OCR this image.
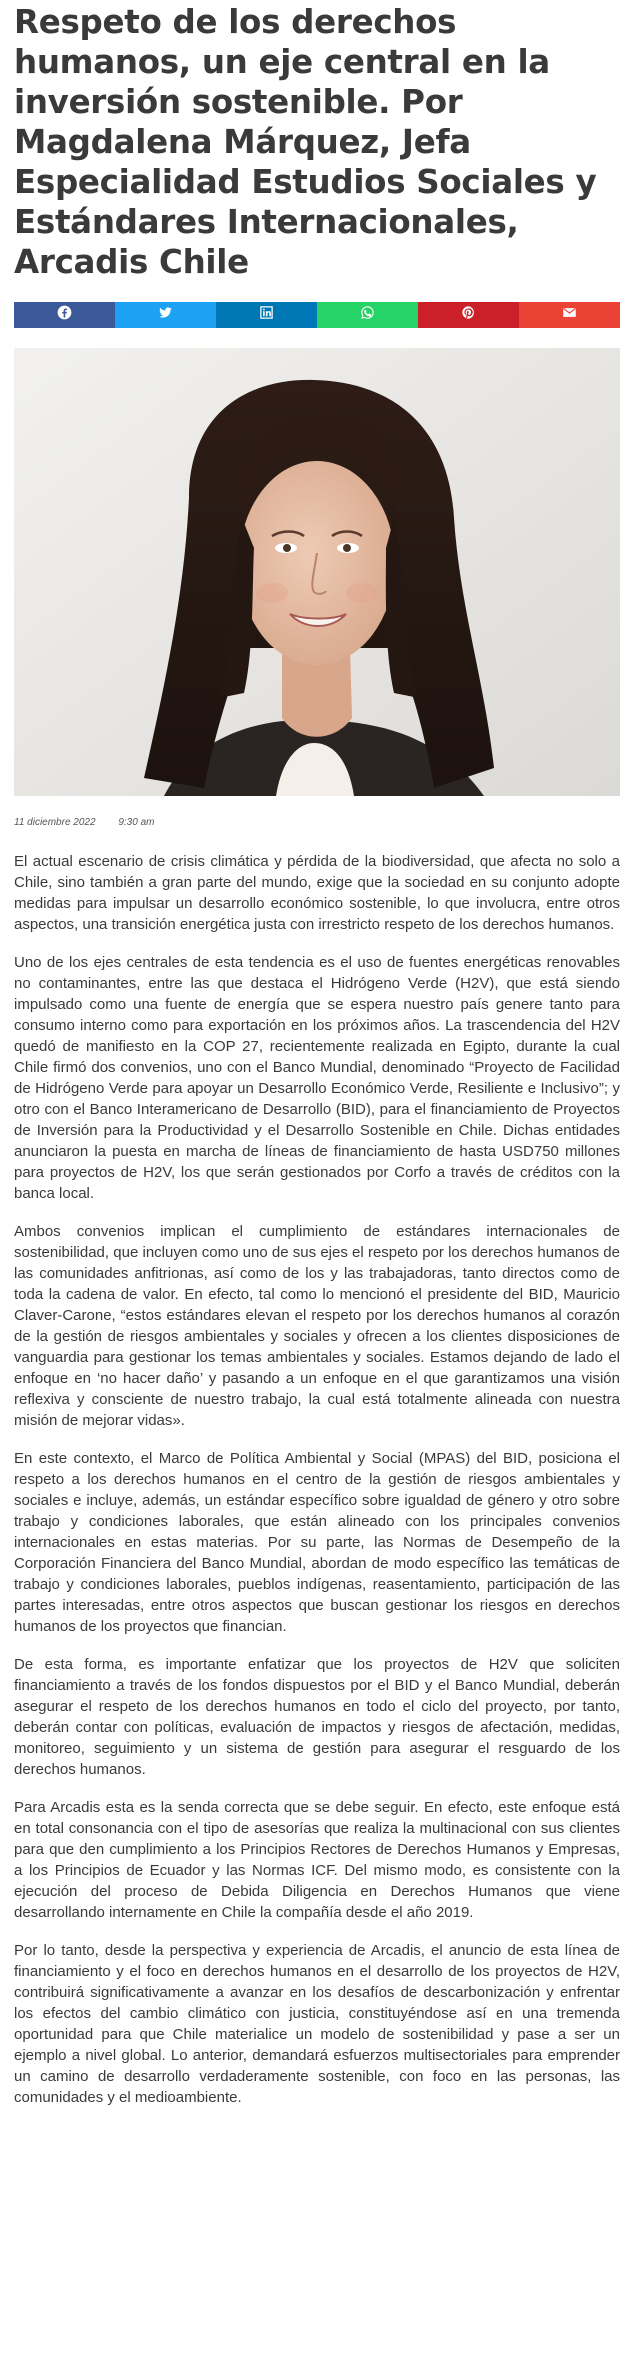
Respeto de los derechos humanos, un eje central en la inversión sostenible. Por Magdalena Márquez, Jefa Especialidad Estudios Sociales y Estándares Internacionales, Arcadis Chile
11 diciembre 2022 9:30 am

El actual escenario de crisis climática y pérdida de la biodiversidad, que afecta no solo a Chile, sino también a gran parte del mundo, exige que la sociedad en su conjunto adopte medidas para impulsar un desarrollo económico sostenible, lo que involucra, entre otros aspectos, una transición energética justa con irrestricto respeto de los derechos humanos.

Uno de los ejes centrales de esta tendencia es el uso de fuentes energéticas renovables no contaminantes, entre las que destaca el Hidrógeno Verde (H2V), que está siendo impulsado como una fuente de energía que se espera nuestro país genere tanto para consumo interno como para exportación en los próximos años. La trascendencia del H2V quedó de manifiesto en la COP 27, recientemente realizada en Egipto, durante la cual Chile firmó dos convenios, uno con el Banco Mundial, denominado “Proyecto de Facilidad de Hidrógeno Verde para apoyar un Desarrollo Económico Verde, Resiliente e Inclusivo”; y otro con el Banco Interamericano de Desarrollo (BID), para el financiamiento de Proyectos de Inversión para la Productividad y el Desarrollo Sostenible en Chile. Dichas entidades anunciaron la puesta en marcha de líneas de financiamiento de hasta USD750 millones para proyectos de H2V, los que serán gestionados por Corfo a través de créditos con la banca local.

Ambos convenios implican el cumplimiento de estándares internacionales de sostenibilidad, que incluyen como uno de sus ejes el respeto por los derechos humanos de las comunidades anfitrionas, así como de los y las trabajadoras, tanto directos como de toda la cadena de valor. En efecto, tal como lo mencionó el presidente del BID, Mauricio Claver-Carone, “estos estándares elevan el respeto por los derechos humanos al corazón de la gestión de riesgos ambientales y sociales y ofrecen a los clientes disposiciones de vanguardia para gestionar los temas ambientales y sociales. Estamos dejando de lado el enfoque en ‘no hacer daño’ y pasando a un enfoque en el que garantizamos una visión reflexiva y consciente de nuestro trabajo, la cual está totalmente alineada con nuestra misión de mejorar vidas».

En este contexto, el Marco de Política Ambiental y Social (MPAS) del BID, posiciona el respeto a los derechos humanos en el centro de la gestión de riesgos ambientales y sociales e incluye, además, un estándar específico sobre igualdad de género y otro sobre trabajo y condiciones laborales, que están alineado con los principales convenios internacionales en estas materias. Por su parte, las Normas de Desempeño de la Corporación Financiera del Banco Mundial, abordan de modo específico las temáticas de trabajo y condiciones laborales, pueblos indígenas, reasentamiento, participación de las partes interesadas, entre otros aspectos que buscan gestionar los riesgos en derechos humanos de los proyectos que financian.

De esta forma, es importante enfatizar que los proyectos de H2V que soliciten financiamiento a través de los fondos dispuestos por el BID y el Banco Mundial, deberán asegurar el respeto de los derechos humanos en todo el ciclo del proyecto, por tanto, deberán contar con políticas, evaluación de impactos y riesgos de afectación, medidas, monitoreo, seguimiento y un sistema de gestión para asegurar el resguardo de los derechos humanos.

Para Arcadis esta es la senda correcta que se debe seguir. En efecto, este enfoque está en total consonancia con el tipo de asesorías que realiza la multinacional con sus clientes para que den cumplimiento a los Principios Rectores de Derechos Humanos y Empresas, a los Principios de Ecuador y las Normas ICF. Del mismo modo, es consistente con la ejecución del proceso de Debida Diligencia en Derechos Humanos que viene desarrollando internamente en Chile la compañía desde el año 2019.

Por lo tanto, desde la perspectiva y experiencia de Arcadis, el anuncio de esta línea de financiamiento y el foco en derechos humanos en el desarrollo de los proyectos de H2V, contribuirá significativamente a avanzar en los desafíos de descarbonización y enfrentar los efectos del cambio climático con justicia, constituyéndose así en una tremenda oportunidad para que Chile materialice un modelo de sostenibilidad y pase a ser un ejemplo a nivel global. Lo anterior, demandará esfuerzos multisectoriales para emprender un camino de desarrollo verdaderamente sostenible, con foco en las personas, las comunidades y el medioambiente.
